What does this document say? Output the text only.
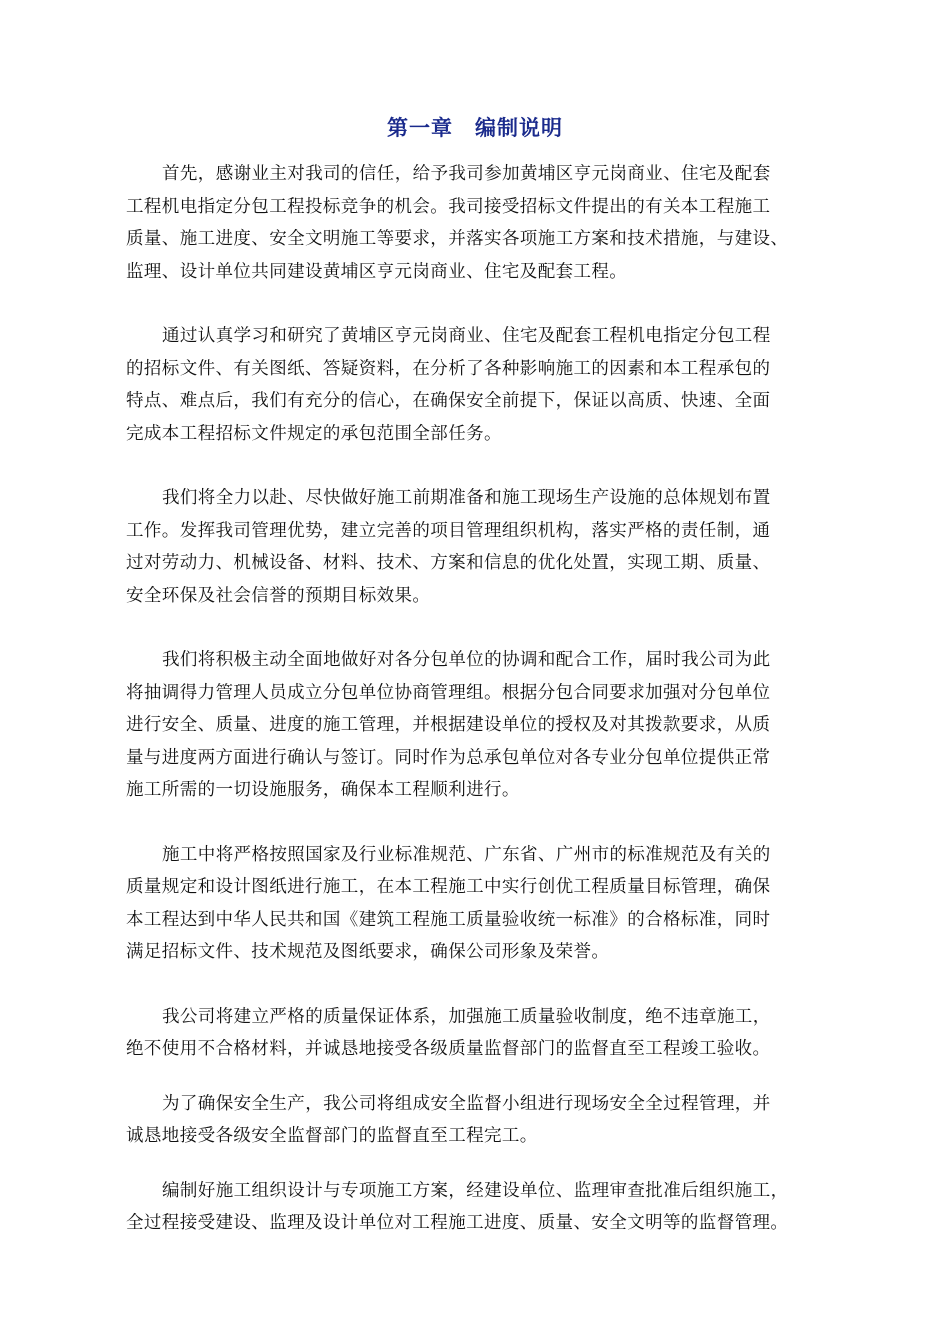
第一章　编制说明

首先，感谢业主对我司的信任，给予我司参加黄埔区亨元岗商业、住宅及配套
工程机电指定分包工程投标竞争的机会。我司接受招标文件提出的有关本工程施工
质量、施工进度、安全文明施工等要求，并落实各项施工方案和技术措施，与建设、
监理、设计单位共同建设黄埔区亨元岗商业、住宅及配套工程。

通过认真学习和研究了黄埔区亨元岗商业、住宅及配套工程机电指定分包工程
的招标文件、有关图纸、答疑资料，在分析了各种影响施工的因素和本工程承包的
特点、难点后，我们有充分的信心，在确保安全前提下，保证以高质、快速、全面
完成本工程招标文件规定的承包范围全部任务。

我们将全力以赴、尽快做好施工前期准备和施工现场生产设施的总体规划布置
工作。发挥我司管理优势，建立完善的项目管理组织机构，落实严格的责任制，通
过对劳动力、机械设备、材料、技术、方案和信息的优化处置，实现工期、质量、
安全环保及社会信誉的预期目标效果。

我们将积极主动全面地做好对各分包单位的协调和配合工作，届时我公司为此
将抽调得力管理人员成立分包单位协商管理组。根据分包合同要求加强对分包单位
进行安全、质量、进度的施工管理，并根据建设单位的授权及对其拨款要求，从质
量与进度两方面进行确认与签订。同时作为总承包单位对各专业分包单位提供正常
施工所需的一切设施服务，确保本工程顺利进行。

施工中将严格按照国家及行业标准规范、广东省、广州市的标准规范及有关的
质量规定和设计图纸进行施工，在本工程施工中实行创优工程质量目标管理，确保
本工程达到中华人民共和国《建筑工程施工质量验收统一标准》的合格标准，同时
满足招标文件、技术规范及图纸要求，确保公司形象及荣誉。

我公司将建立严格的质量保证体系，加强施工质量验收制度，绝不违章施工，
绝不使用不合格材料，并诚恳地接受各级质量监督部门的监督直至工程竣工验收。

为了确保安全生产，我公司将组成安全监督小组进行现场安全全过程管理，并
诚恳地接受各级安全监督部门的监督直至工程完工。

编制好施工组织设计与专项施工方案，经建设单位、监理审查批准后组织施工，
全过程接受建设、监理及设计单位对工程施工进度、质量、安全文明等的监督管理。
